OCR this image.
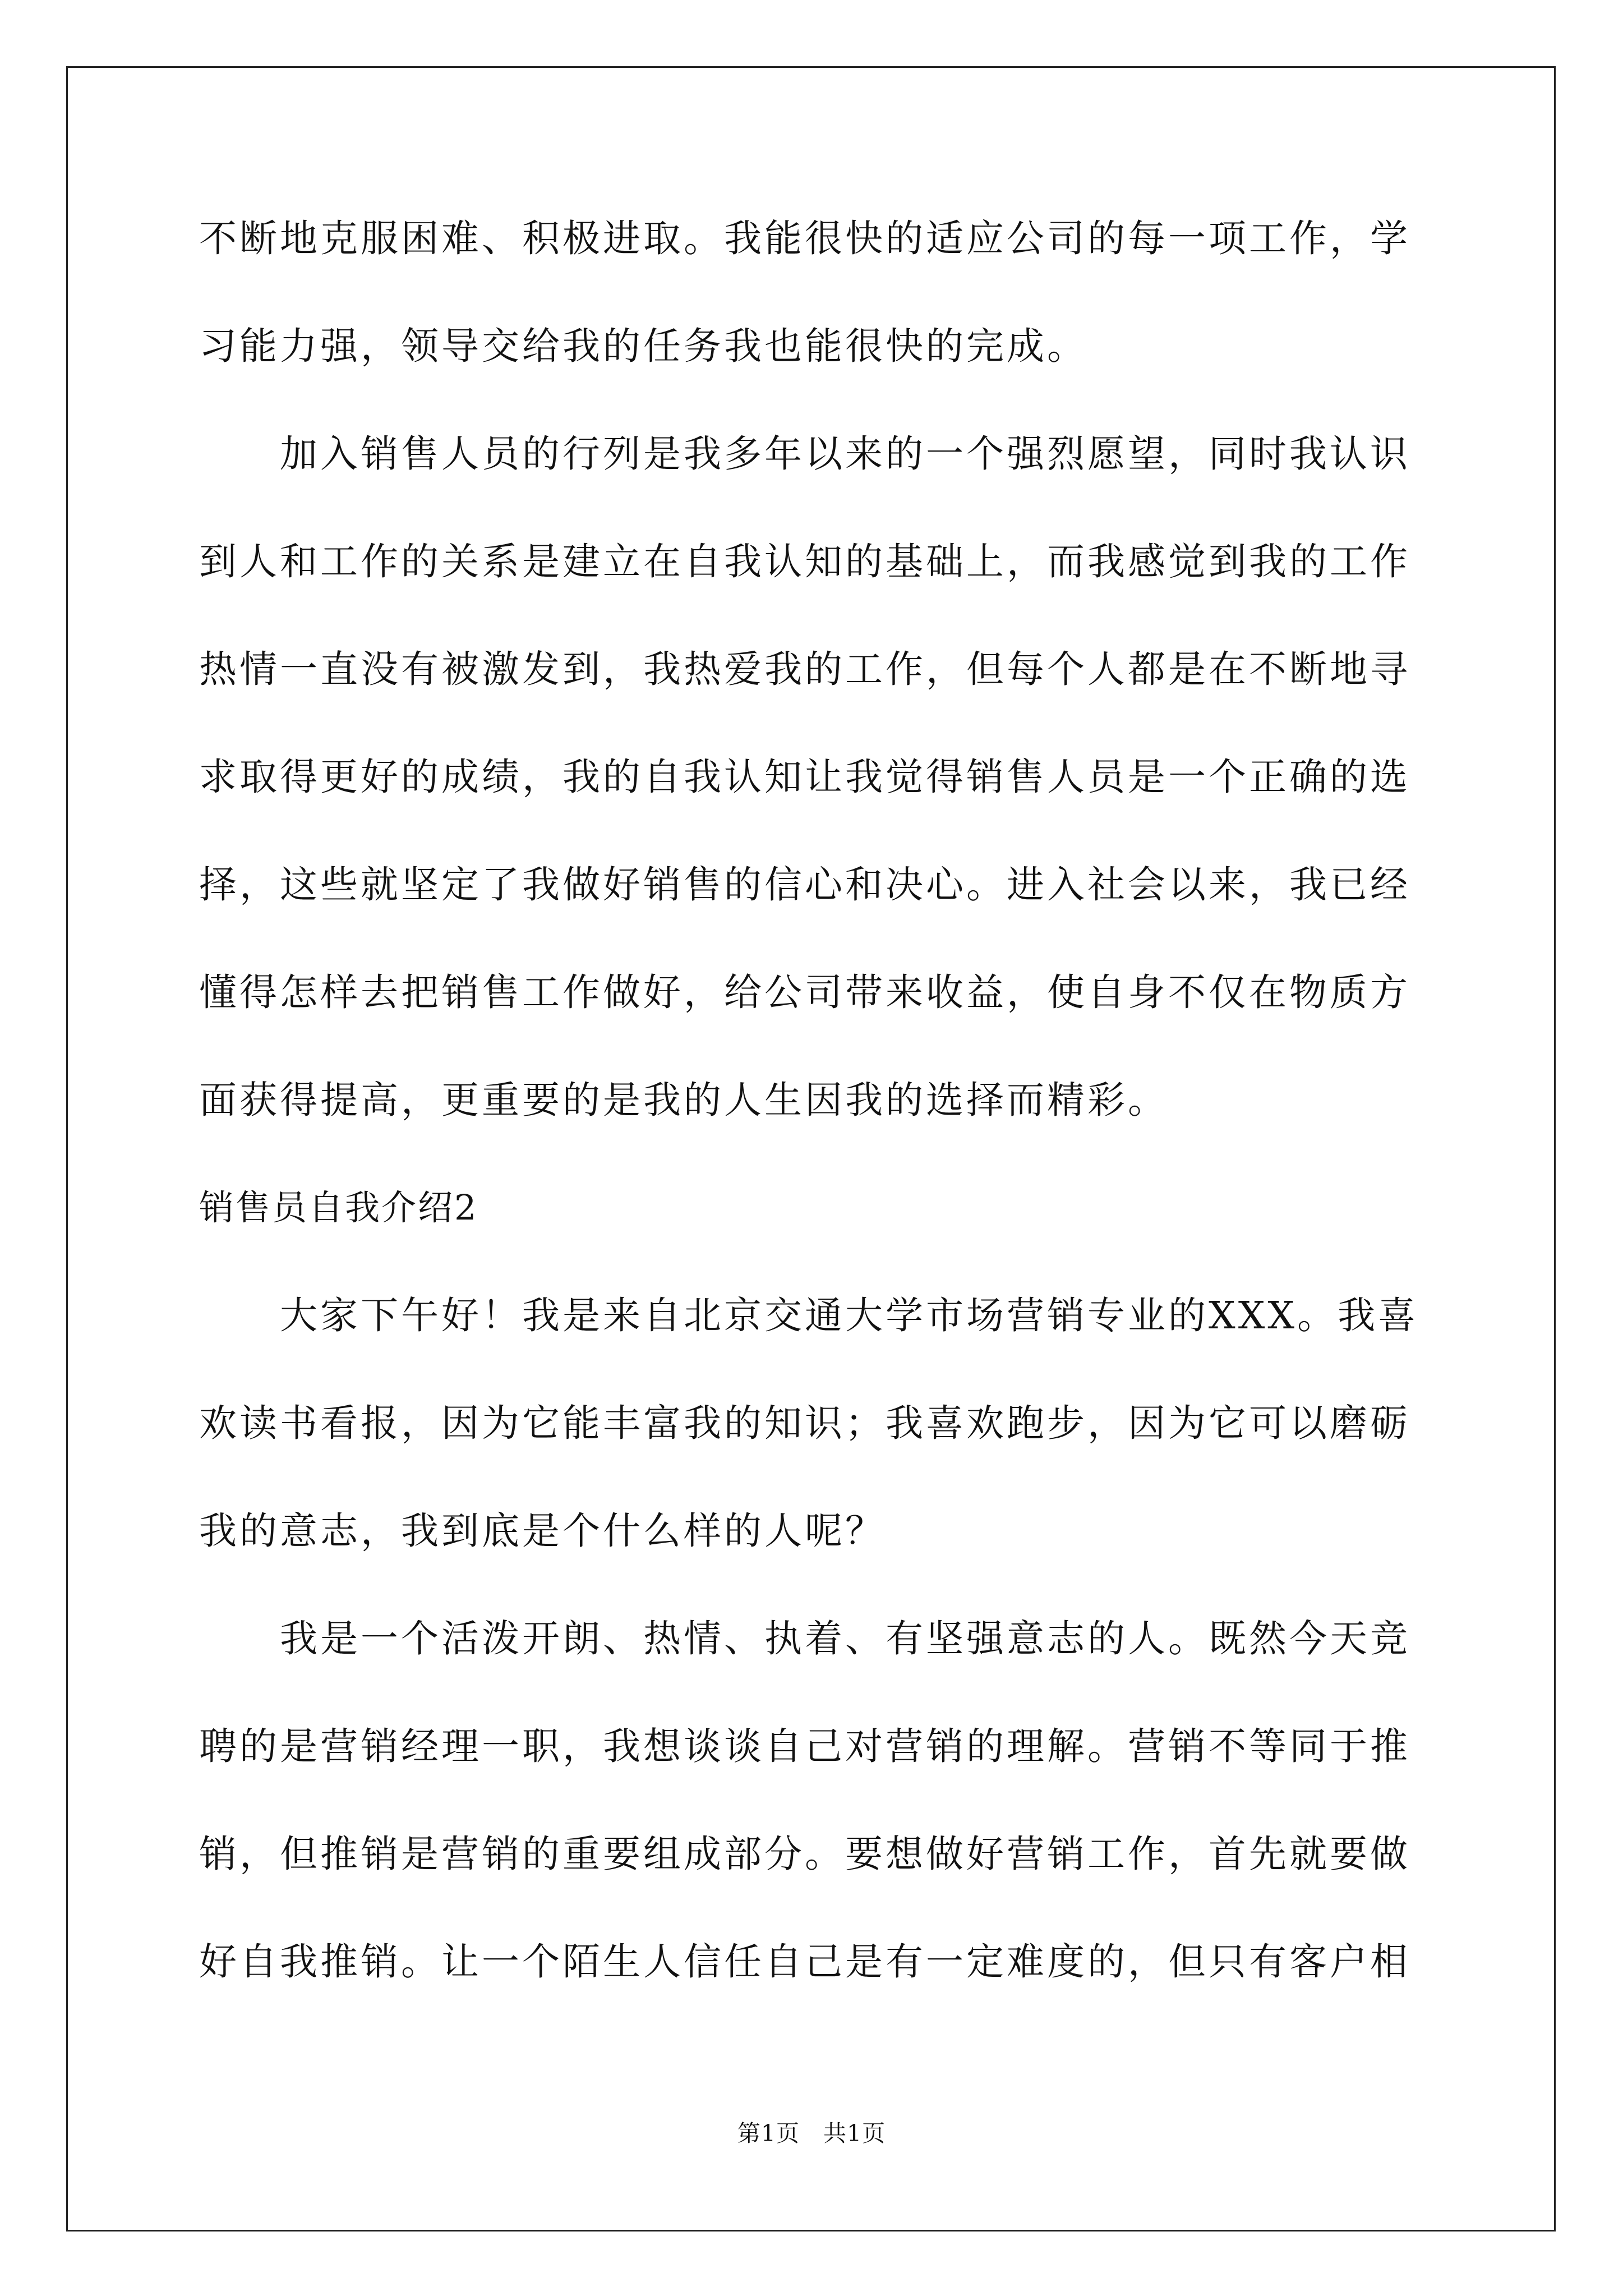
不断地克服困难、积极进取。我能很快的适应公司的每一项工作，学
习能力强，领导交给我的任务我也能很快的完成。
　　加入销售人员的行列是我多年以来的一个强烈愿望，同时我认识
到人和工作的关系是建立在自我认知的基础上，而我感觉到我的工作
热情一直没有被激发到，我热爱我的工作，但每个人都是在不断地寻
求取得更好的成绩，我的自我认知让我觉得销售人员是一个正确的选
择，这些就坚定了我做好销售的信心和决心。进入社会以来，我已经
懂得怎样去把销售工作做好，给公司带来收益，使自身不仅在物质方
面获得提高，更重要的是我的人生因我的选择而精彩。
销售员自我介绍2
　　大家下午好！我是来自北京交通大学市场营销专业的XXX。我喜
欢读书看报，因为它能丰富我的知识；我喜欢跑步，因为它可以磨砺
我的意志，我到底是个什么样的人呢？
　　我是一个活泼开朗、热情、执着、有坚强意志的人。既然今天竞
聘的是营销经理一职，我想谈谈自己对营销的理解。营销不等同于推
销，但推销是营销的重要组成部分。要想做好营销工作，首先就要做
好自我推销。让一个陌生人信任自己是有一定难度的，但只有客户相
第1页　共1页
